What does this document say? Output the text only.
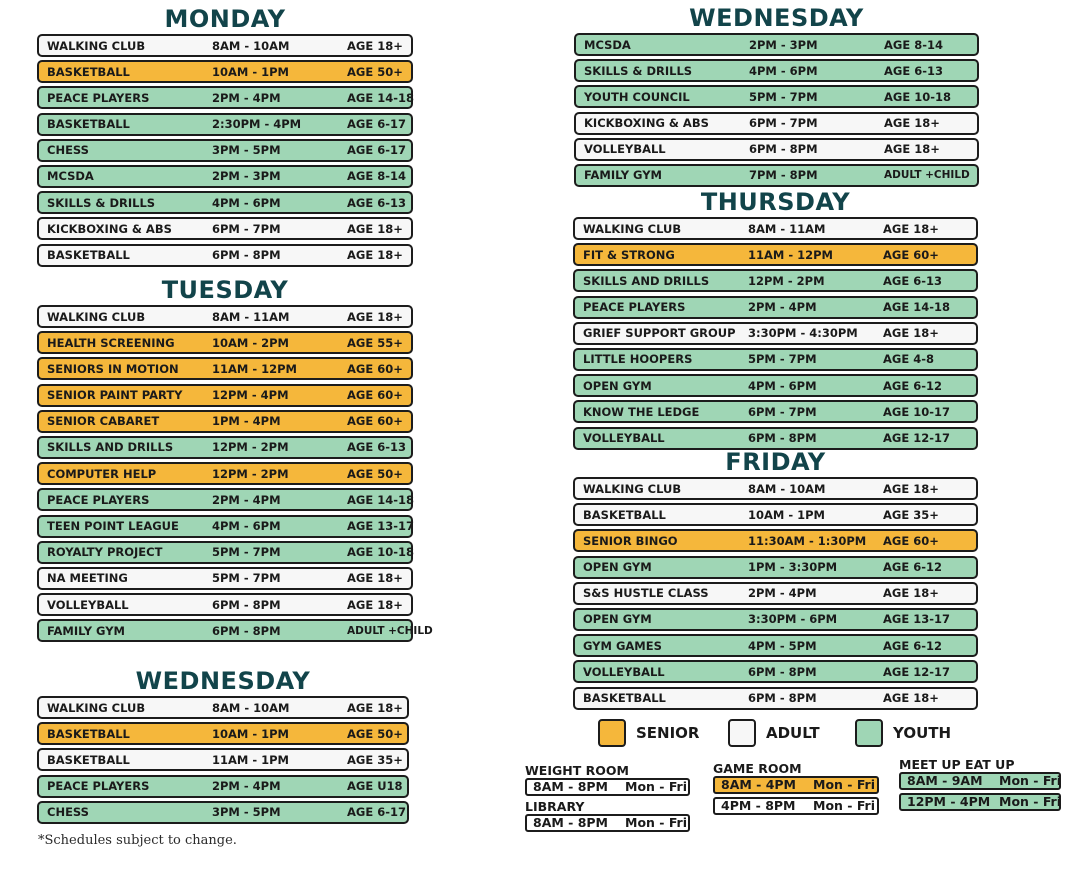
MONDAY
WALKING CLUB	8AM - 10AM	AGE 18+
BASKETBALL	10AM - 1PM	AGE 50+
PEACE PLAYERS	2PM - 4PM	AGE 14-18
BASKETBALL	2:30PM - 4PM	AGE 6-17
CHESS	3PM - 5PM	AGE 6-17
MCSDA	2PM - 3PM	AGE 8-14
SKILLS & DRILLS	4PM - 6PM	AGE 6-13
KICKBOXING & ABS	6PM - 7PM	AGE 18+
BASKETBALL	6PM - 8PM	AGE 18+
TUESDAY
WALKING CLUB	8AM - 11AM	AGE 18+
HEALTH SCREENING	10AM - 2PM	AGE 55+
SENIORS IN MOTION	11AM - 12PM	AGE 60+
SENIOR PAINT PARTY	12PM - 4PM	AGE 60+
SENIOR CABARET	1PM - 4PM	AGE 60+
SKILLS AND DRILLS	12PM - 2PM	AGE 6-13
COMPUTER HELP	12PM - 2PM	AGE 50+
PEACE PLAYERS	2PM - 4PM	AGE 14-18
TEEN POINT LEAGUE	4PM - 6PM	AGE 13-17
ROYALTY PROJECT	5PM - 7PM	AGE 10-18
NA MEETING	5PM - 7PM	AGE 18+
VOLLEYBALL	6PM - 8PM	AGE 18+
FAMILY GYM	6PM - 8PM	ADULT +CHILD
WEDNESDAY
WALKING CLUB	8AM - 10AM	AGE 18+
BASKETBALL	10AM - 1PM	AGE 50+
BASKETBALL	11AM - 1PM	AGE 35+
PEACE PLAYERS	2PM - 4PM	AGE U18
CHESS	3PM - 5PM	AGE 6-17
WEDNESDAY
MCSDA	2PM - 3PM	AGE 8-14
SKILLS & DRILLS	4PM - 6PM	AGE 6-13
YOUTH COUNCIL	5PM - 7PM	AGE 10-18
KICKBOXING & ABS	6PM - 7PM	AGE 18+
VOLLEYBALL	6PM - 8PM	AGE 18+
FAMILY GYM	7PM - 8PM	ADULT +CHILD
THURSDAY
WALKING CLUB	8AM - 11AM	AGE 18+
FIT & STRONG	11AM - 12PM	AGE 60+
SKILLS AND DRILLS	12PM - 2PM	AGE 6-13
PEACE PLAYERS	2PM - 4PM	AGE 14-18
GRIEF SUPPORT GROUP	3:30PM - 4:30PM	AGE 18+
LITTLE HOOPERS	5PM - 7PM	AGE 4-8
OPEN GYM	4PM - 6PM	AGE 6-12
KNOW THE LEDGE	6PM - 7PM	AGE 10-17
VOLLEYBALL	6PM - 8PM	AGE 12-17
FRIDAY
WALKING CLUB	8AM - 10AM	AGE 18+
BASKETBALL	10AM - 1PM	AGE 35+
SENIOR BINGO	11:30AM - 1:30PM	AGE 60+
OPEN GYM	1PM - 3:30PM	AGE 6-12
S&S HUSTLE CLASS	2PM - 4PM	AGE 18+
OPEN GYM	3:30PM - 6PM	AGE 13-17
GYM GAMES	4PM - 5PM	AGE 6-12
VOLLEYBALL	6PM - 8PM	AGE 12-17
BASKETBALL	6PM - 8PM	AGE 18+
SENIOR	ADULT	YOUTH
WEIGHT ROOM
8AM - 8PM	Mon - Fri
LIBRARY
8AM - 8PM	Mon - Fri
GAME ROOM
8AM - 4PM	Mon - Fri
4PM - 8PM	Mon - Fri
MEET UP EAT UP
8AM - 9AM	Mon - Fri
12PM - 4PM Mon - Fri
*Schedules subject to change.
